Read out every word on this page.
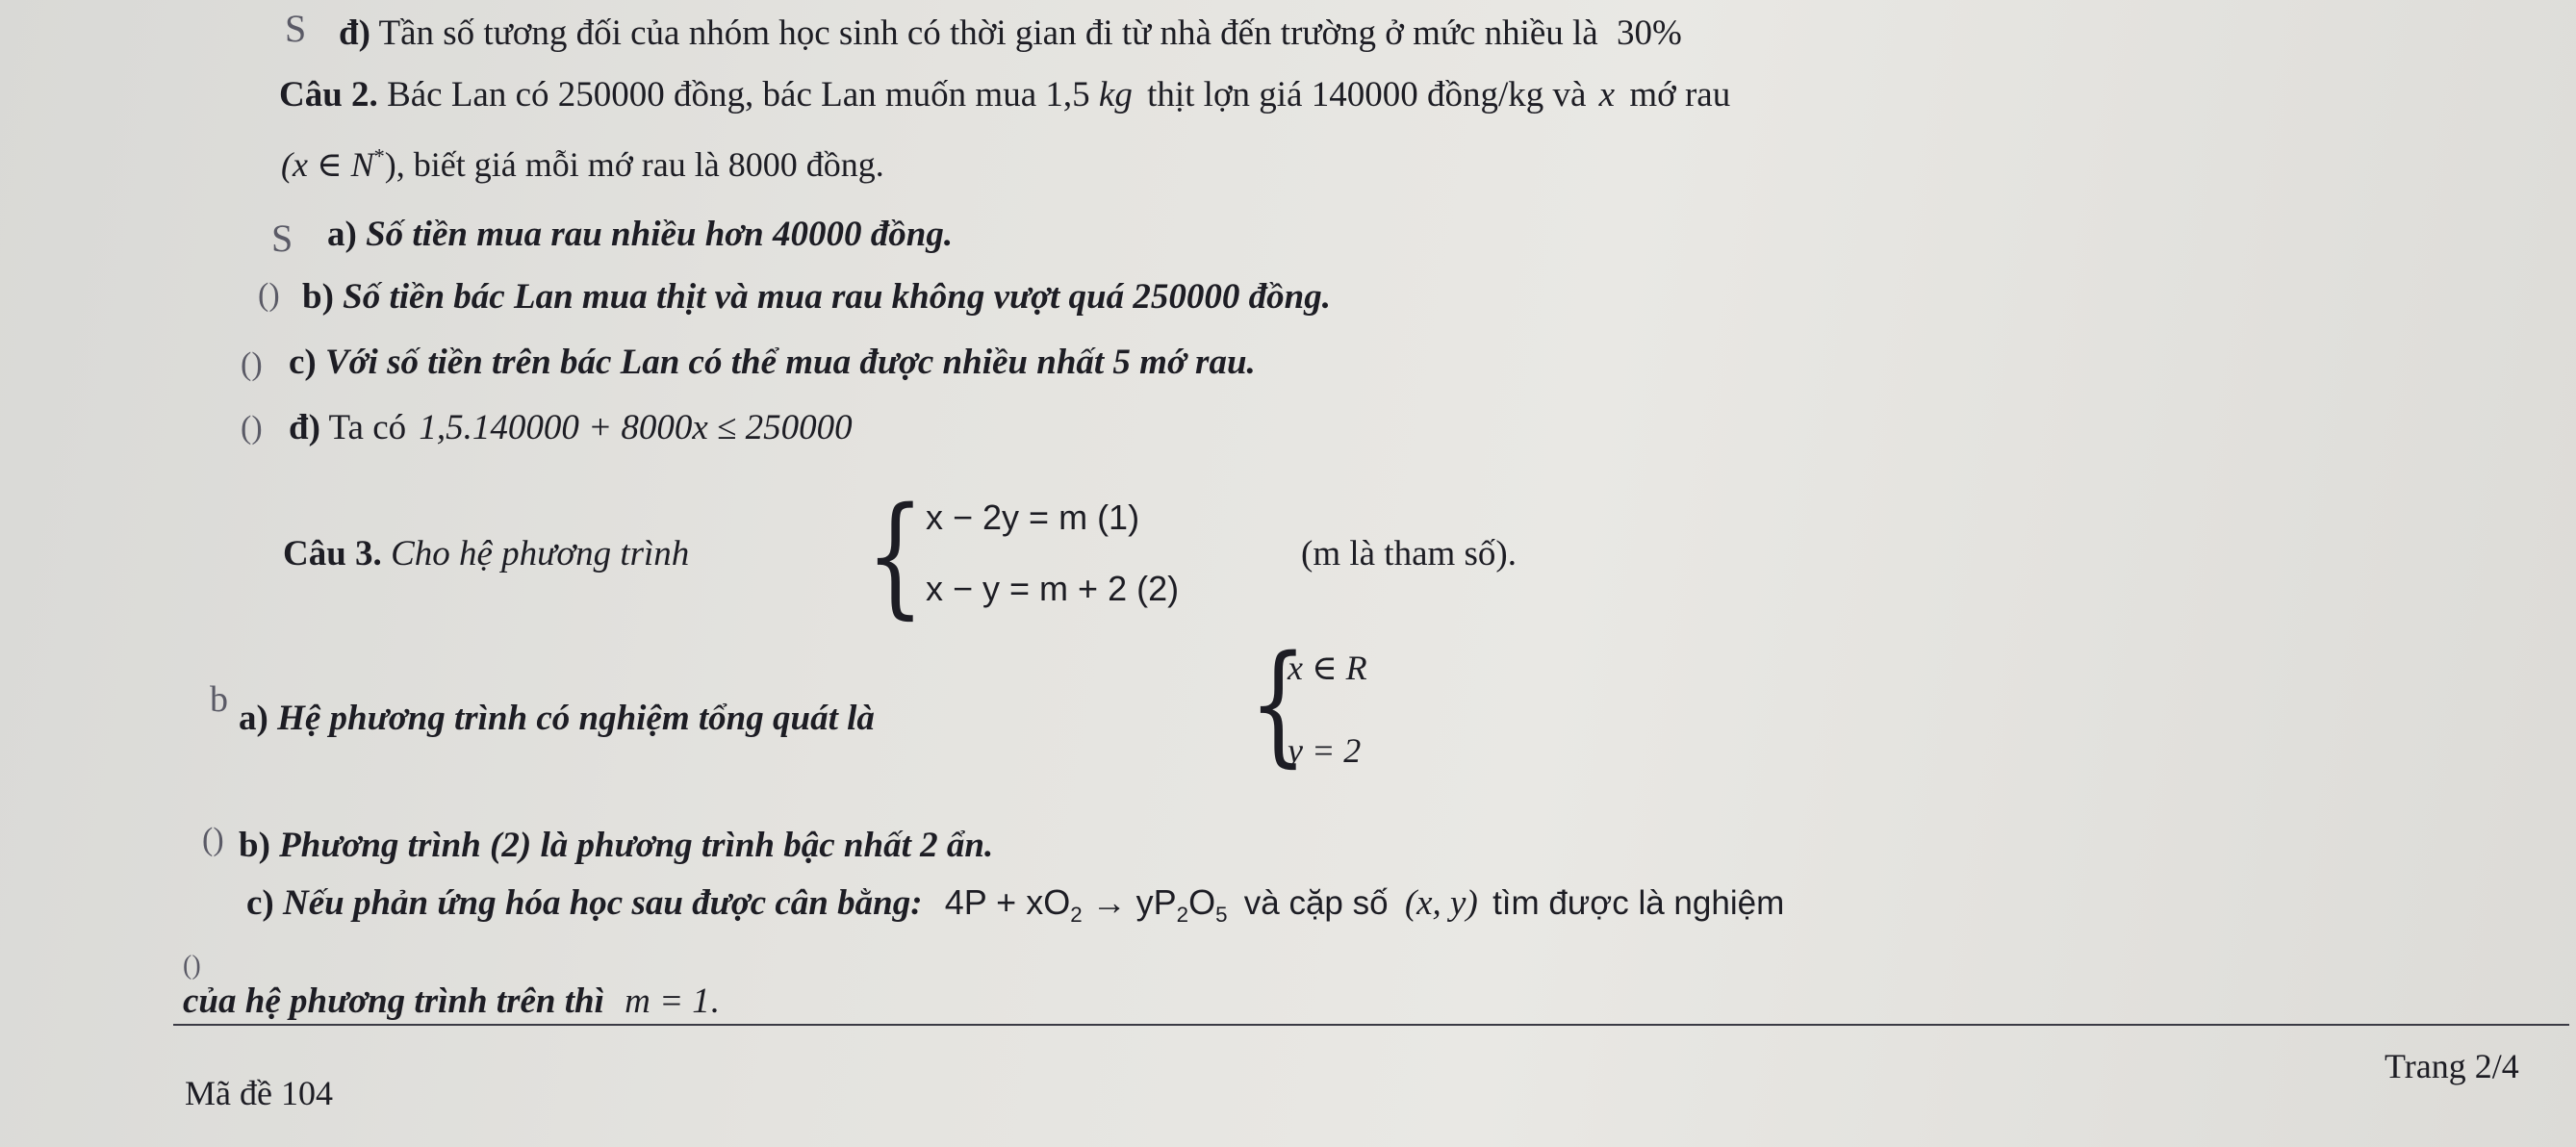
S
S
()
()
()
b
()
()
đ) Tần số tương đối của nhóm học sinh có thời gian đi từ nhà đến trường ở mức nhiều là 30%
Câu 2. Bác Lan có 250000 đồng, bác Lan muốn mua 1,5 kg thịt lợn giá 140000 đồng/kg và x mớ rau
(x ∈ N*), biết giá mỗi mớ rau là 8000 đồng.
a) Số tiền mua rau nhiều hơn 40000 đồng.
b) Số tiền bác Lan mua thịt và mua rau không vượt quá 250000 đồng.
c) Với số tiền trên bác Lan có thể mua được nhiều nhất 5 mớ rau.
đ) Ta có 1,5.140000 + 8000x ≤ 250000
Câu 3. Cho hệ phương trình { x − 2y = m (1)
x − y = m + 2 (2)
(m là tham số).
a) Hệ phương trình có nghiệm tổng quát là	{
x ∈ R
y = 2
b) Phương trình (2) là phương trình bậc nhất 2 ẩn.
c) Nếu phản ứng hóa học sau được cân bằng: $4P + xO_2 \to yP_2O_5$ và cặp số (x, y) tìm được là nghiệm
của hệ phương trình trên thì m = 1.
Mã đề 104
Trang 2/4
